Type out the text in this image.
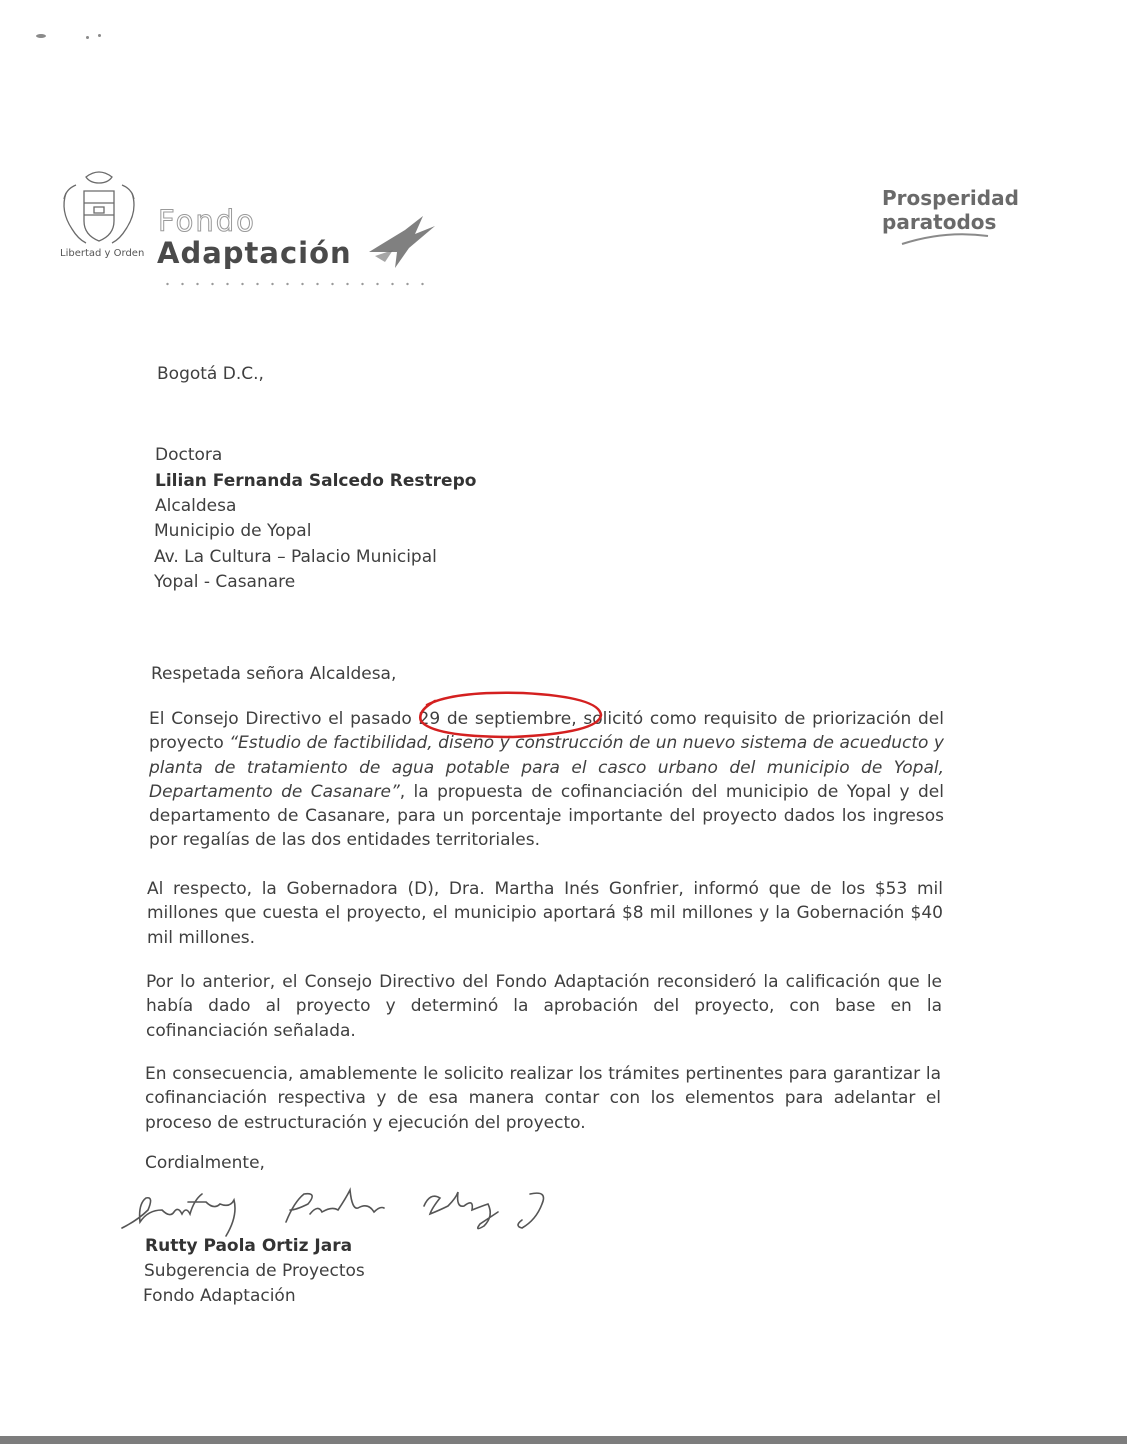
Libertad y Orden
Fondo
Adaptación
Prosperidad
paratodos
Bogotá D.C.,
Doctora
Lilian Fernanda Salcedo Restrepo
Alcaldesa
Municipio de Yopal
Av. La Cultura – Palacio Municipal
Yopal - Casanare
Respetada señora Alcaldesa,
El Consejo Directivo el pasado 29 de septiembre, solicitó como requisito de priorización del proyecto “Estudio de factibilidad, diseño y construcción de un nuevo sistema de acueducto y planta de tratamiento de agua potable para el casco urbano del municipio de Yopal, Departamento de Casanare”, la propuesta de cofinanciación del municipio de Yopal y del departamento de Casanare, para un porcentaje importante del proyecto dados los ingresos por regalías de las dos entidades territoriales.
Al respecto, la Gobernadora (D), Dra. Martha Inés Gonfrier, informó que de los $53 mil millones que cuesta el proyecto, el municipio aportará $8 mil millones y la Gobernación $40 mil millones.
Por lo anterior, el Consejo Directivo del Fondo Adaptación reconsideró la calificación que le había dado al proyecto y determinó la aprobación del proyecto, con base en la cofinanciación señalada.
En consecuencia, amablemente le solicito realizar los trámites pertinentes para garantizar la cofinanciación respectiva y de esa manera contar con los elementos para adelantar el proceso de estructuración y ejecución del proyecto.
Cordialmente,
Rutty Paola Ortiz Jara
Subgerencia de Proyectos
Fondo Adaptación
